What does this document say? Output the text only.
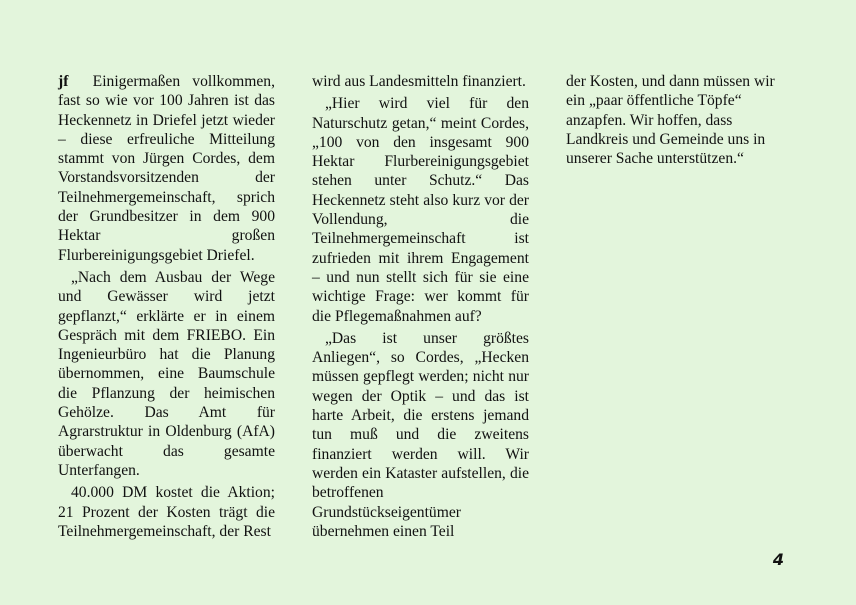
jf Einigermaßen vollkommen, fast so wie vor 100 Jahren ist das Heckennetz in Driefel jetzt wieder – diese erfreuliche Mitteilung stammt von Jürgen Cordes, dem Vorstandsvorsitzenden der Teilnehmergemeinschaft, sprich der Grundbesitzer in dem 900 Hektar großen Flurbereinigungsgebiet Driefel.

„Nach dem Ausbau der Wege und Gewässer wird jetzt gepflanzt,“ erklärte er in einem Gespräch mit dem FRIEBO. Ein Ingenieurbüro hat die Planung übernommen, eine Baumschule die Pflanzung der heimischen Gehölze. Das Amt für Agrarstruktur in Oldenburg (AfA) überwacht das gesamte Unterfangen.

40.000 DM kostet die Aktion; 21 Prozent der Kosten trägt die Teilnehmergemeinschaft, der Rest

wird aus Landesmitteln finanziert.

„Hier wird viel für den Naturschutz getan,“ meint Cordes, „100 von den insgesamt 900 Hektar Flurbereinigungsgebiet stehen unter Schutz.“ Das Heckennetz steht also kurz vor der Vollendung, die Teilnehmergemeinschaft ist zufrieden mit ihrem Engagement – und nun stellt sich für sie eine wichtige Frage: wer kommt für die Pflegemaßnahmen auf?

„Das ist unser größtes Anliegen“, so Cordes, „Hecken müssen gepflegt werden; nicht nur wegen der Optik – und das ist harte Arbeit, die erstens jemand tun muß und die zweitens finanziert werden will. Wir werden ein Kataster aufstellen, die betroffenen Grundstückseigentümer übernehmen einen Teil

der Kosten, und dann müssen wir ein „paar öffentliche Töpfe“ anzapfen. Wir hoffen, dass Landkreis und Gemeinde uns in unserer Sache unterstützen.“

4
